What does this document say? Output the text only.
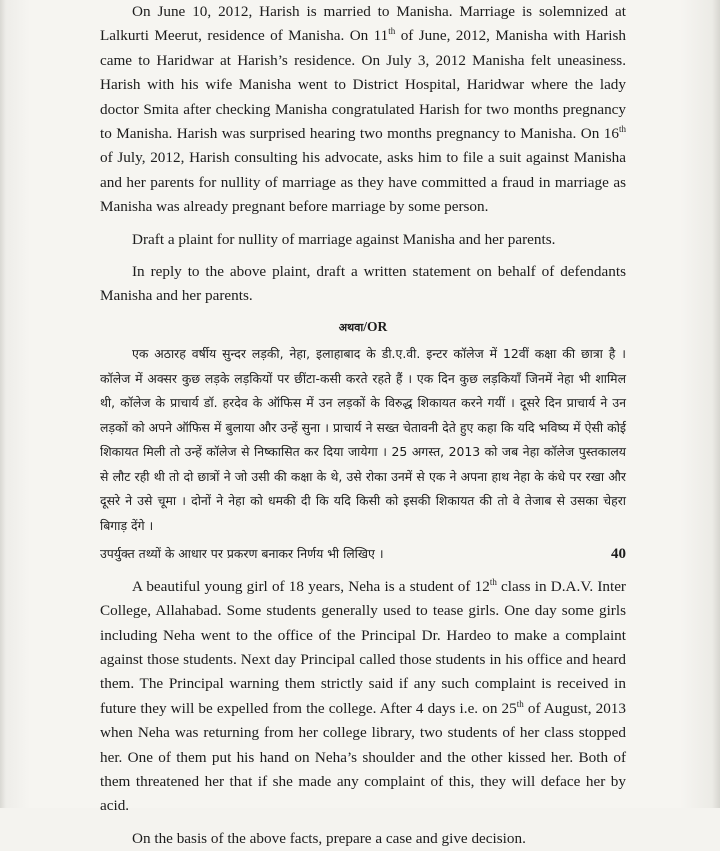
On June 10, 2012, Harish is married to Manisha. Marriage is solemnized at Lalkurti Meerut, residence of Manisha. On 11th of June, 2012, Manisha with Harish came to Haridwar at Harish’s residence. On July 3, 2012 Manisha felt uneasiness. Harish with his wife Manisha went to District Hospital, Haridwar where the lady doctor Smita after checking Manisha congratulated Harish for two months pregnancy to Manisha. Harish was surprised hearing two months pregnancy to Manisha. On 16th of July, 2012, Harish consulting his advocate, asks him to file a suit against Manisha and her parents for nullity of marriage as they have committed a fraud in marriage as Manisha was already pregnant before marriage by some person.

Draft a plaint for nullity of marriage against Manisha and her parents.

In reply to the above plaint, draft a written statement on behalf of defendants Manisha and her parents.

अथवा/OR

एक अठारह वर्षीय सुन्दर लड़की, नेहा, इलाहाबाद के डी.ए.वी. इन्टर कॉलेज में 12वीं कक्षा की छात्रा है । कॉलेज में अक्सर कुछ लड़के लड़कियों पर छींटा-कसी करते रहते हैं । एक दिन कुछ लड़कियाँ जिनमें नेहा भी शामिल थी, कॉलेज के प्राचार्य डॉ. हरदेव के ऑफिस में उन लड़कों के विरुद्ध शिकायत करने गयीं । दूसरे दिन प्राचार्य ने उन लड़कों को अपने ऑफिस में बुलाया और उन्हें सुना । प्राचार्य ने सख्त चेतावनी देते हुए कहा कि यदि भविष्य में ऐसी कोई शिकायत मिली तो उन्हें कॉलेज से निष्कासित कर दिया जायेगा । 25 अगस्त, 2013 को जब नेहा कॉलेज पुस्तकालय से लौट रही थी तो दो छात्रों ने जो उसी की कक्षा के थे, उसे रोका उनमें से एक ने अपना हाथ नेहा के कंधे पर रखा और दूसरे ने उसे चूमा । दोनों ने नेहा को धमकी दी कि यदि किसी को इसकी शिकायत की तो वे तेजाब से उसका चेहरा बिगाड़ देंगे ।

उपर्युक्त तथ्यों के आधार पर प्रकरण बनाकर निर्णय भी लिखिए ।	40

A beautiful young girl of 18 years, Neha is a student of 12th class in D.A.V. Inter College, Allahabad. Some students generally used to tease girls. One day some girls including Neha went to the office of the Principal Dr. Hardeo to make a complaint against those students. Next day Principal called those students in his office and heard them. The Principal warning them strictly said if any such complaint is received in future they will be expelled from the college. After 4 days i.e. on 25th of August, 2013 when Neha was returning from her college library, two students of her class stopped her. One of them put his hand on Neha’s shoulder and the other kissed her. Both of them threatened her that if she made any complaint of this, they will deface her by acid.

On the basis of the above facts, prepare a case and give decision.
